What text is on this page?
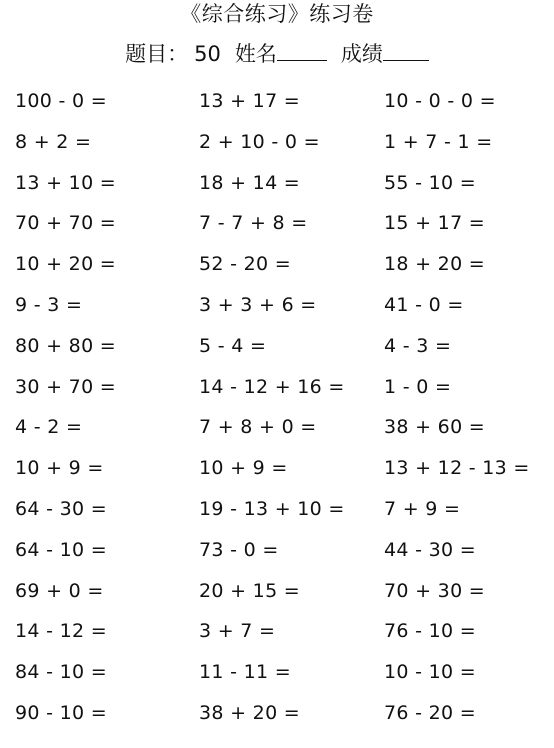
《综合练习》练习卷
题目： 50 姓名	成绩
100 - 0 =	13 + 17 =	10 - 0 - 0 =
8 + 2 =	2 + 10 - 0 =	1 + 7 - 1 =
13 + 10 =	18 + 14 =	55 - 10 =
70 + 70 =	7 - 7 + 8 =	15 + 17 =
10 + 20 =	52 - 20 =	18 + 20 =
9 - 3 =	3 + 3 + 6 =	41 - 0 =
80 + 80 =	5 - 4 =	4 - 3 =
30 + 70 =	14 - 12 + 16 = 1 - 0 =
4 - 2 =	7 + 8 + 0 =	38 + 60 =
10 + 9 =	10 + 9 =	13 + 12 - 13 =
64 - 30 =	19 - 13 + 10 = 7 + 9 =
64 - 10 =	73 - 0 =	44 - 30 =
69 + 0 =	20 + 15 =	70 + 30 =
14 - 12 =	3 + 7 =	76 - 10 =
84 - 10 =	11 - 11 =	10 - 10 =
90 - 10 =	38 + 20 =	76 - 20 =
